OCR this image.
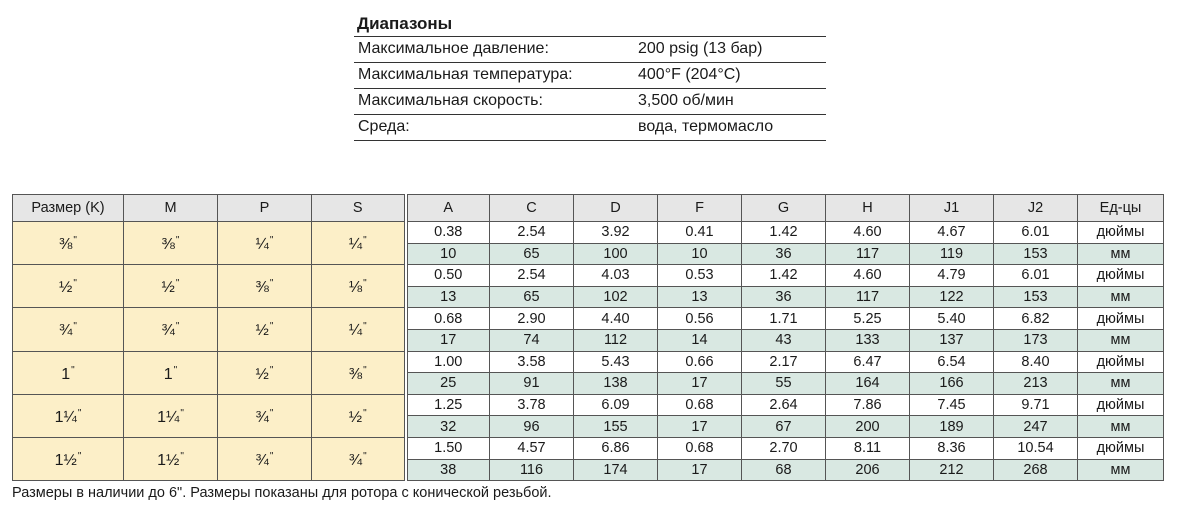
Диапазоны
Максимальное давление:	200 psig (13 бар)
Максимальная температура:	400°F (204°C)
Максимальная скорость:	3,500 об/мин
Среда:	вода, термомасло
Размер (K)	M	P	S	A	C	D	F	G	H	J1	J2	Ед-цы
⅜"	⅜"	¼"	¼"	0.38	2.54	3.92	0.41	1.42	4.60	4.67	6.01	дюймы
				10	65	100	10	36	117	119	153	мм
½"	½"	⅜"	⅛"	0.50	2.54	4.03	0.53	1.42	4.60	4.79	6.01	дюймы
				13	65	102	13	36	117	122	153	мм
¾"	¾"	½"	¼"	0.68	2.90	4.40	0.56	1.71	5.25	5.40	6.82	дюймы
				17	74	112	14	43	133	137	173	мм
1"	1"	½"	⅜"	1.00	3.58	5.43	0.66	2.17	6.47	6.54	8.40	дюймы
				25	91	138	17	55	164	166	213	мм
1¼"	1¼"	¾"	½"	1.25	3.78	6.09	0.68	2.64	7.86	7.45	9.71	дюймы
				32	96	155	17	67	200	189	247	мм
1½"	1½"	¾"	¾"	1.50	4.57	6.86	0.68	2.70	8.11	8.36	10.54	дюймы
				38	116	174	17	68	206	212	268	мм
Размеры в наличии до 6". Размеры показаны для ротора с конической резьбой.
